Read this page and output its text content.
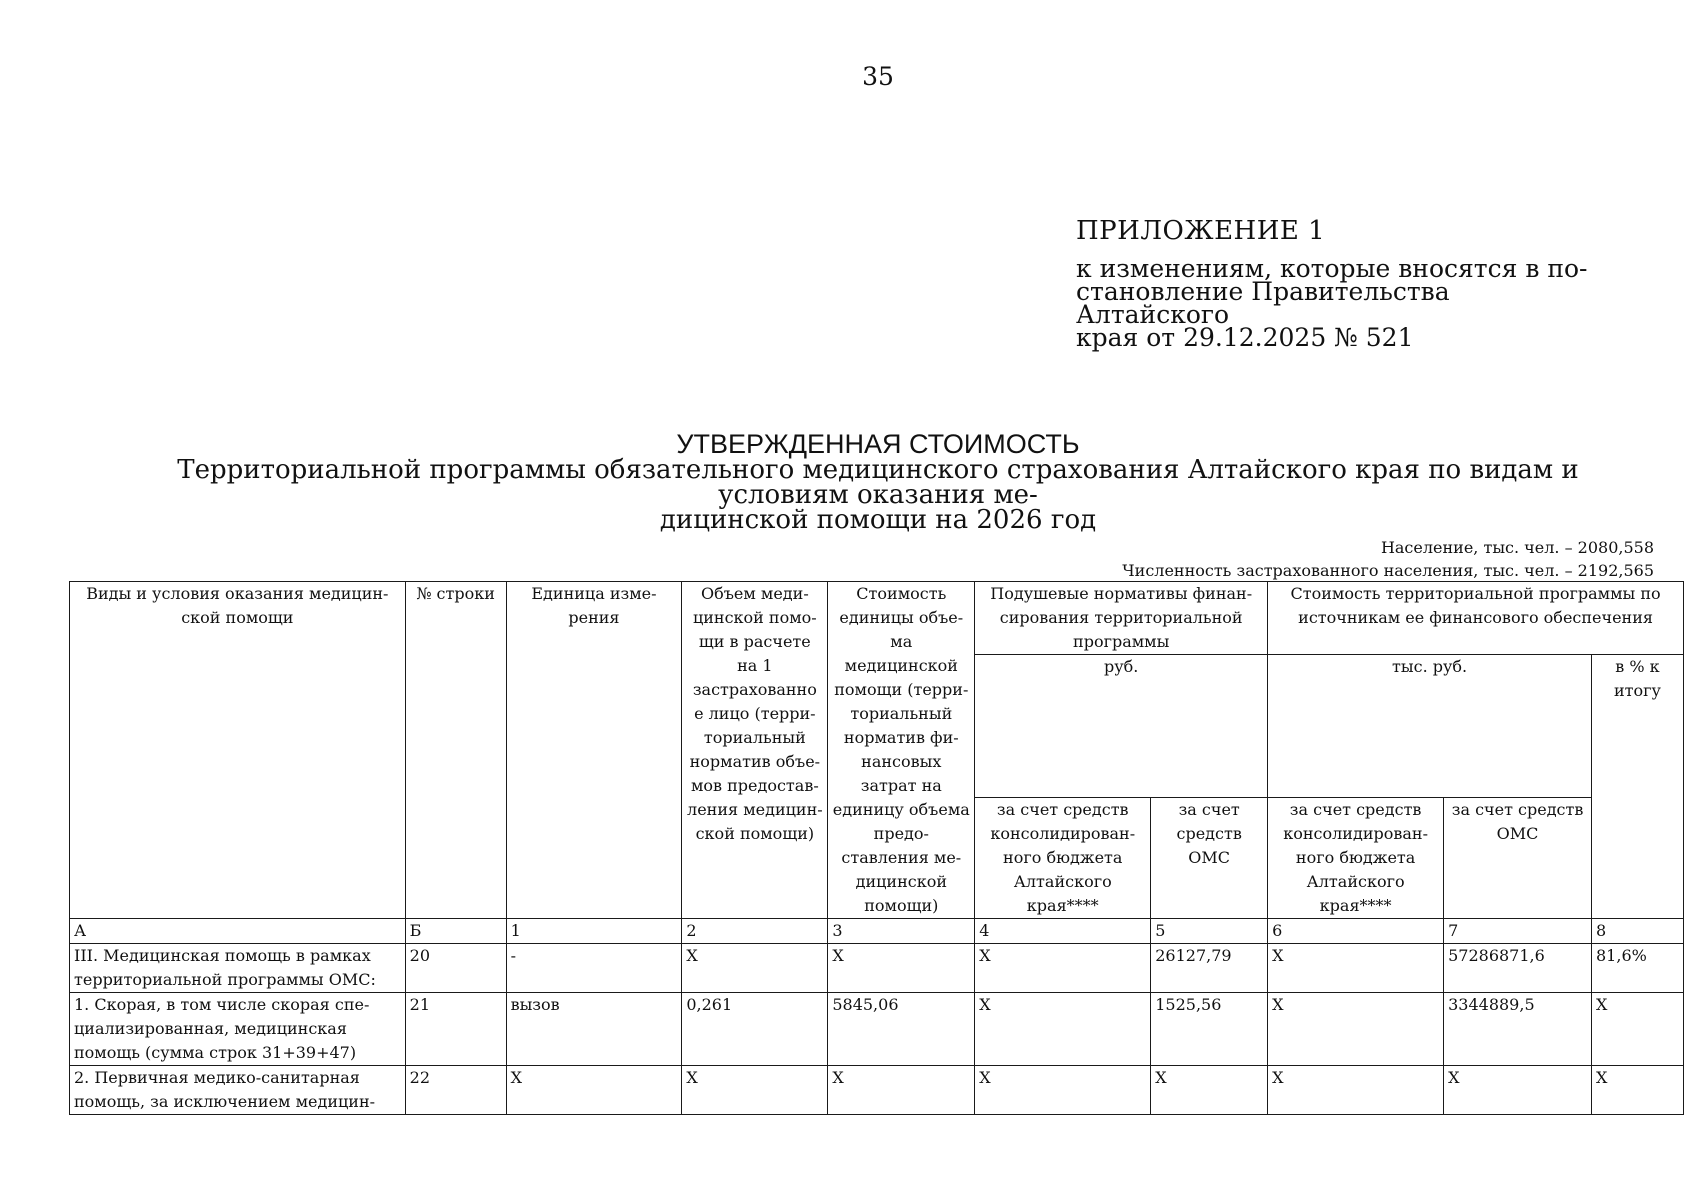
35
ПРИЛОЖЕНИЕ 1
к изменениям, которые вносятся в по-
становление Правительства Алтайского
края от 29.12.2025 № 521
УТВЕРЖДЕННАЯ СТОИМОСТЬ
Территориальной программы обязательного медицинского страхования Алтайского края по видам и условиям оказания ме-
дицинской помощи на 2026 год
Население, тыс. чел. – 2080,558
Численность застрахованного населения, тыс. чел. – 2192,565
Виды и условия оказания медицин-ской помощи	№ строки	Единица изме-рения	Объем меди-цинской помо-щи в расчете на 1 застрахованно е лицо (терри-ториальный норматив объе-мов предостав-ления медицин-ской помощи)	Стоимость единицы объе-ма медицинской помощи (терри-ториальный норматив фи-нансовых затрат на единицу объема предо-ставления ме-дицинской помощи)	Подушевые нормативы финан-сирования территориальной программы		Стоимость территориальной программы по источникам ее финансового обеспечения		
					руб.		тыс. руб.		в % к итогу
					за счет средств консолидирован-ного бюджета Алтайского края****	за счет средств ОМС	за счет средств консолидирован-ного бюджета Алтайского края****	за счет средств ОМС	
А	Б	1	2	3	4	5	6	7	8
III. Медицинская помощь в рамках территориальной программы ОМС:	20	-	X	X	X	26127,79	X	57286871,6	81,6%
1. Скорая, в том числе скорая спе-циализированная, медицинская помощь (сумма строк 31+39+47)	21	вызов	0,261	5845,06	X	1525,56	X	3344889,5	X
2. Первичная медико-санитарная помощь, за исключением медицин-	22	X	X	X	X	X	X	X	X
